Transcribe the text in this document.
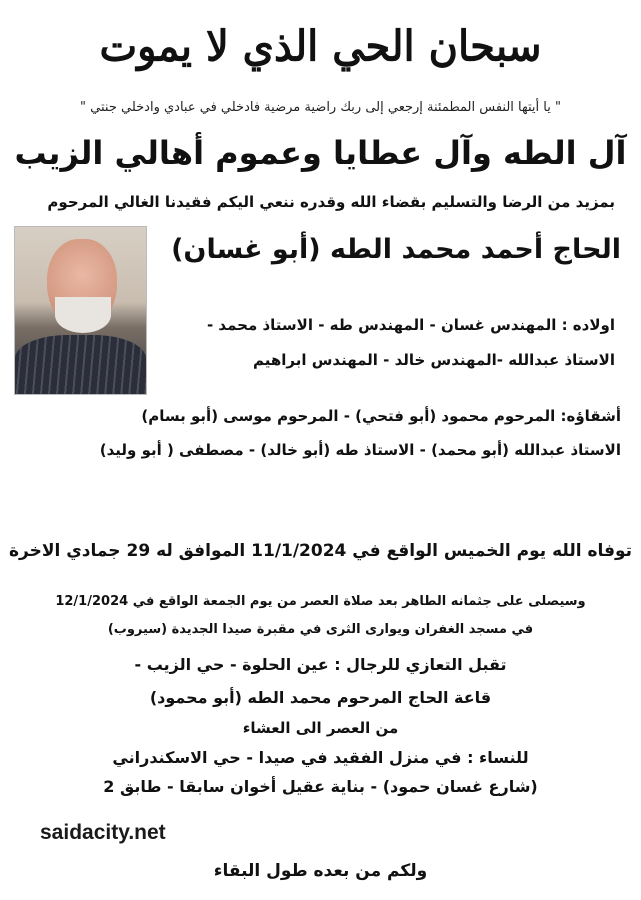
سبحان الحي الذي لا يموت
" يا أيتها النفس المطمئنة إرجعي إلى ربك راضية مرضية فادخلي في عبادي وادخلي جنتي "
آل الطه وآل عطايا وعموم أهالي الزيب
بمزيد من الرضا والتسليم بقضاء الله وقدره ننعي اليكم فقيدنا الغالي المرحوم
الحاج أحمد محمد الطه (أبو غسان)
اولاده : المهندس غسان - المهندس طه - الاستاذ محمد -
الاستاذ عبدالله -المهندس خالد - المهندس ابراهيم
أشقاؤه: المرحوم محمود (أبو فتحي) - المرحوم موسى (أبو بسام)
الاستاذ عبدالله (أبو محمد) - الاستاذ طه (أبو خالد) - مصطفى ( أبو وليد)
توفاه الله يوم الخميس الواقع في 11/1/2024 الموافق له 29 جمادي الاخرة
وسيصلى على جثمانه الطاهر بعد صلاة العصر من يوم الجمعة الواقع في 12/1/2024
في مسجد الغفران ويوارى الثرى في مقبرة صيدا الجديدة (سيروب)
تقبل التعازي للرجال : عين الحلوة - حي الزيب -
قاعة الحاج المرحوم محمد الطه (أبو محمود)
من العصر الى العشاء
للنساء : في منزل الفقيد في صيدا - حي الاسكندراني
(شارع غسان حمود) - بناية عقيل أخوان سابقا - طابق 2
saidacity.net
ولكم من بعده طول البقاء
